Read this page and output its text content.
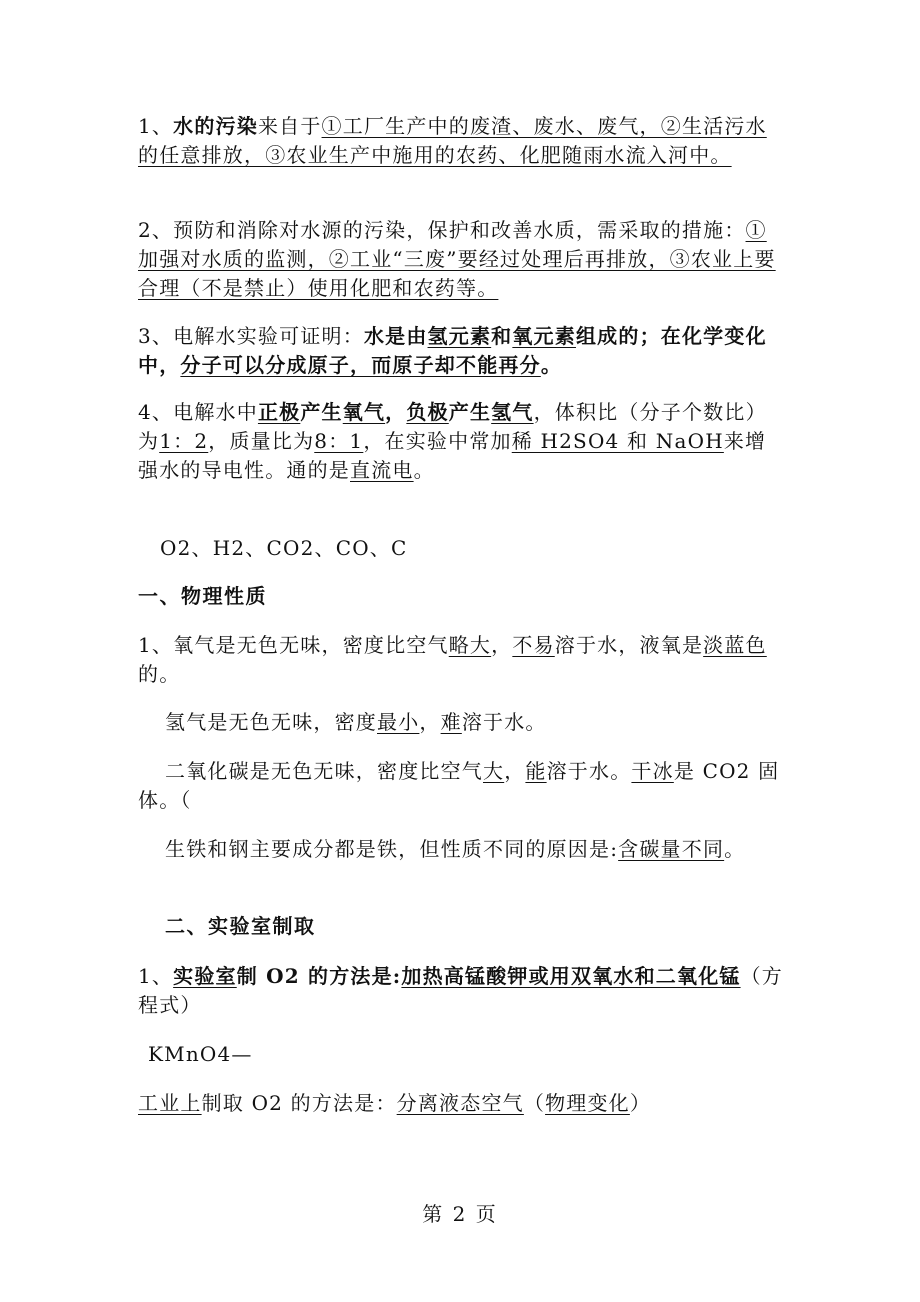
1、水的污染来自于①工厂生产中的废渣、废水、废气，②生活污水的任意排放，③农业生产中施用的农药、化肥随雨水流入河中。
2、预防和消除对水源的污染，保护和改善水质，需采取的措施：①加强对水质的监测，②工业“三废”要经过处理后再排放，③农业上要合理（不是禁止）使用化肥和农药等。
3、电解水实验可证明：水是由氢元素和氧元素组成的；在化学变化中，分子可以分成原子，而原子却不能再分。
4、电解水中正极产生氧气，负极产生氢气，体积比（分子个数比）为1：2，质量比为8：1，在实验中常加稀 H2SO4 和 NaOH来增强水的导电性。通的是直流电。
O2、H2、CO2、CO、C
一、物理性质
1、氧气是无色无味，密度比空气略大，不易溶于水，液氧是淡蓝色的。
氢气是无色无味，密度最小，难溶于水。
二氧化碳是无色无味，密度比空气大，能溶于水。干冰是 CO2 固体。（
生铁和钢主要成分都是铁，但性质不同的原因是:含碳量不同。
二、实验室制取
1、实验室制 O2 的方法是:加热高锰酸钾或用双氧水和二氧化锰（方程式）
KMnO4—
工业上制取 O2 的方法是：分离液态空气（物理变化）
第 2 页
